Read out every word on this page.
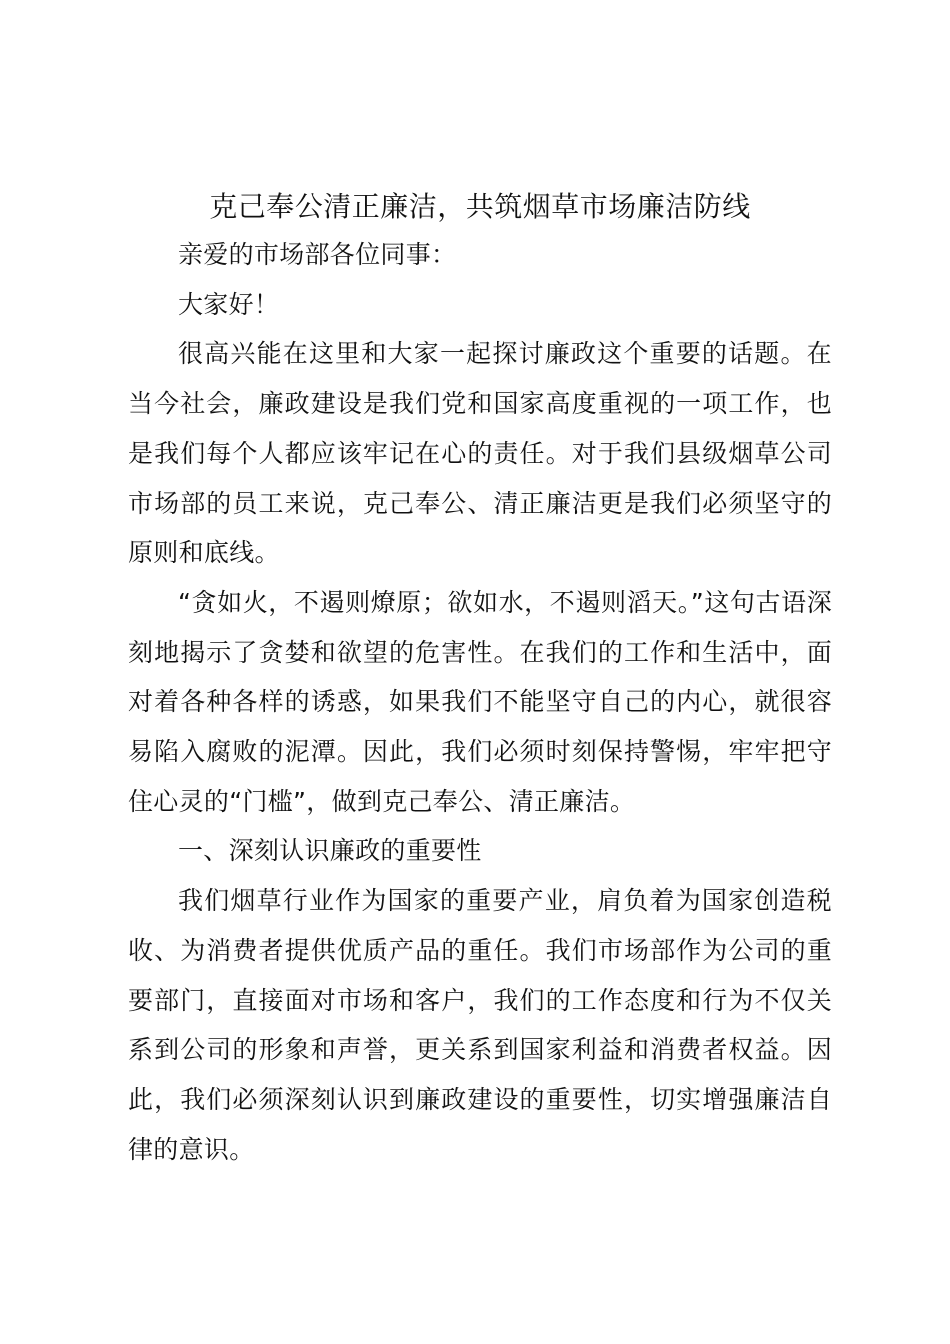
克己奉公清正廉洁，共筑烟草市场廉洁防线

亲爱的市场部各位同事：

大家好！

很高兴能在这里和大家一起探讨廉政这个重要的话题。在当今社会，廉政建设是我们党和国家高度重视的一项工作，也是我们每个人都应该牢记在心的责任。对于我们县级烟草公司市场部的员工来说，克己奉公、清正廉洁更是我们必须坚守的原则和底线。

“贪如火，不遏则燎原；欲如水，不遏则滔天。”这句古语深刻地揭示了贪婪和欲望的危害性。在我们的工作和生活中，面对着各种各样的诱惑，如果我们不能坚守自己的内心，就很容易陷入腐败的泥潭。因此，我们必须时刻保持警惕，牢牢把守住心灵的“门槛”，做到克己奉公、清正廉洁。

一、深刻认识廉政的重要性

我们烟草行业作为国家的重要产业，肩负着为国家创造税收、为消费者提供优质产品的重任。我们市场部作为公司的重要部门，直接面对市场和客户，我们的工作态度和行为不仅关系到公司的形象和声誉，更关系到国家利益和消费者权益。因此，我们必须深刻认识到廉政建设的重要性，切实增强廉洁自律的意识。
